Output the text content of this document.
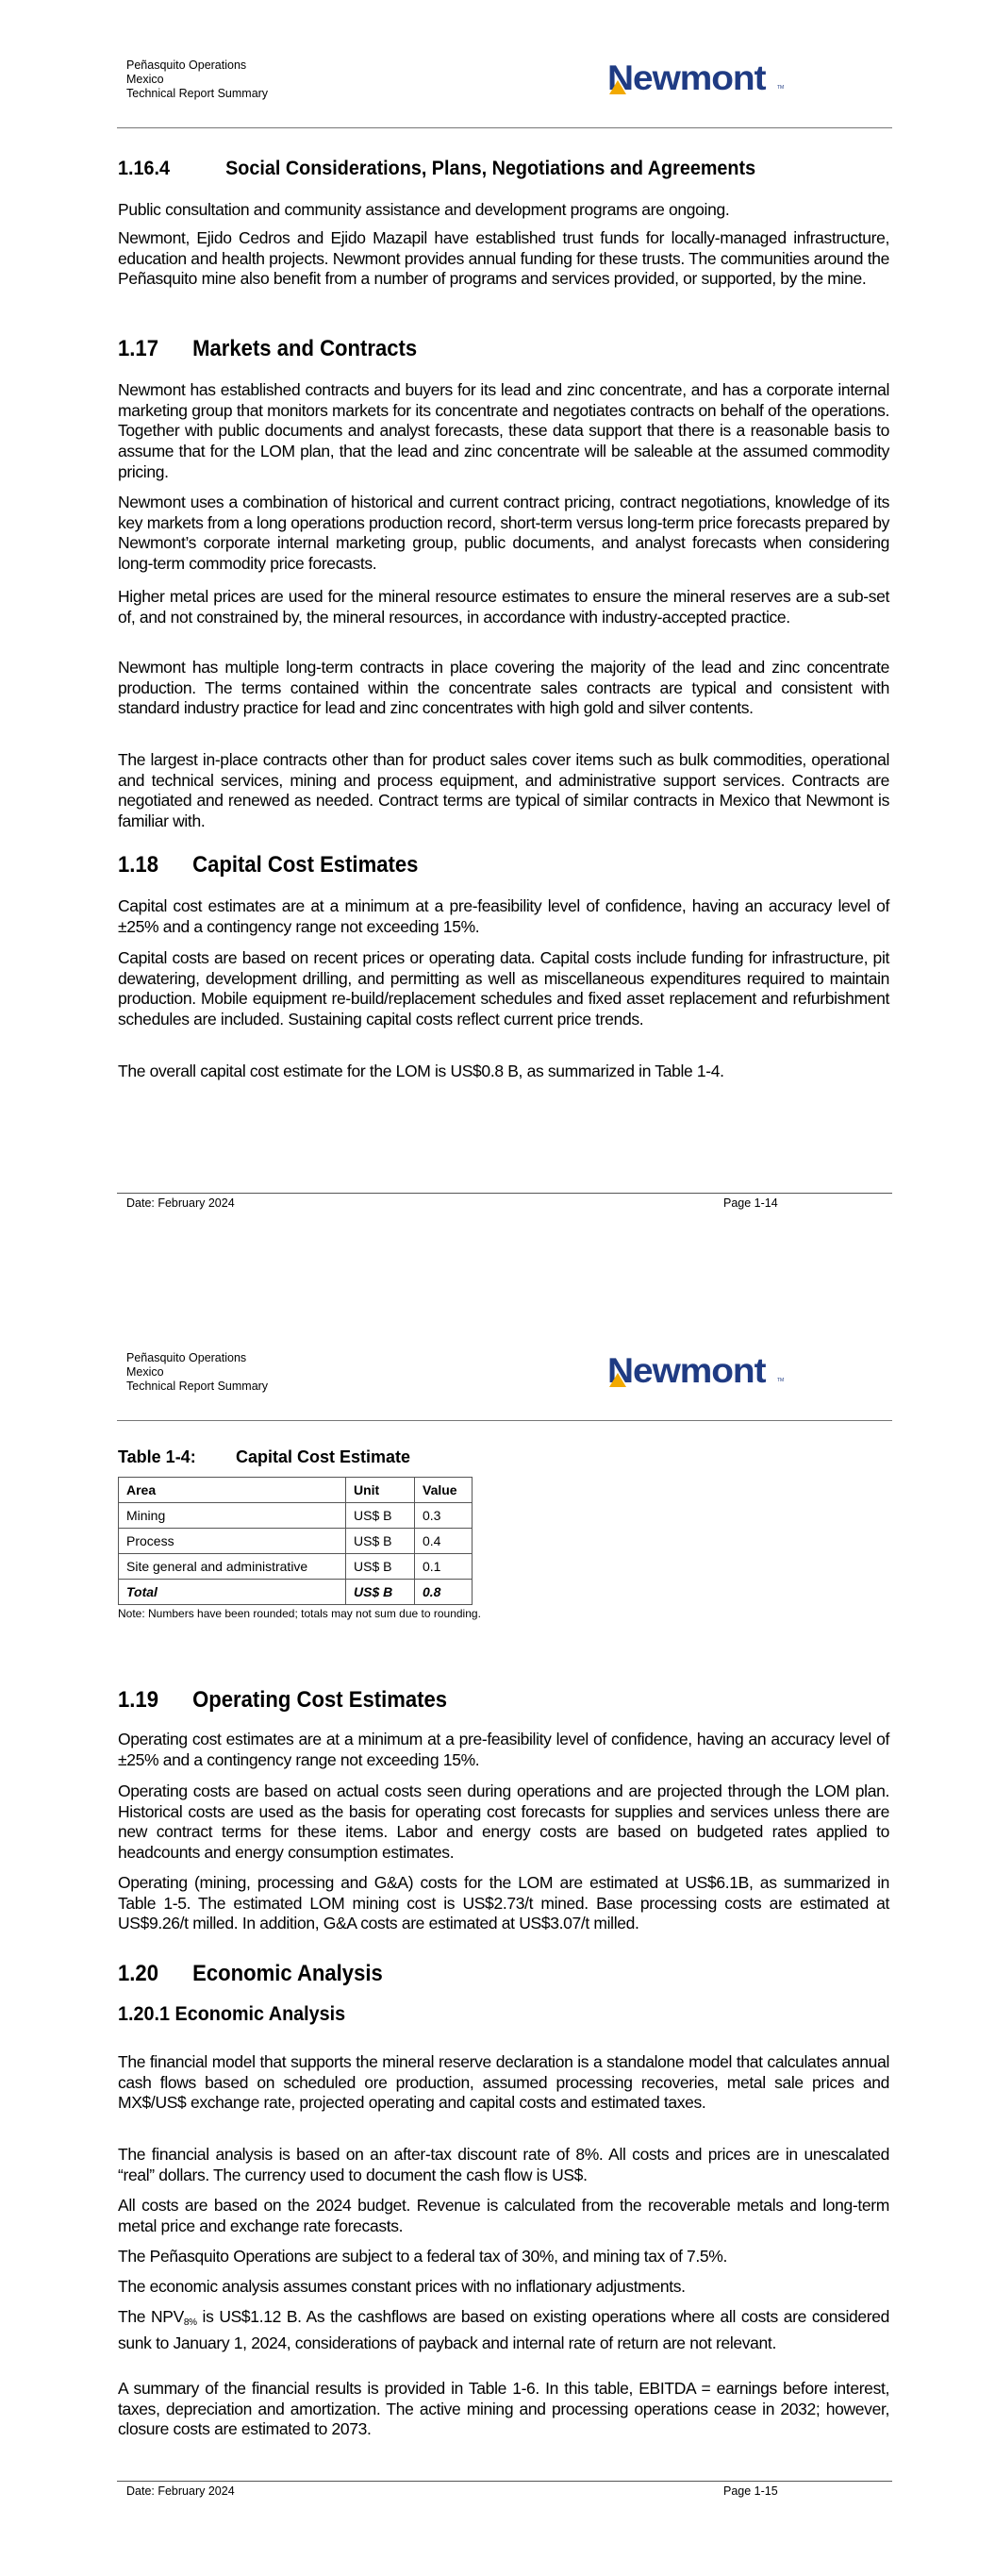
Peñasquito Operations
Mexico
Technical Report Summary	Newmont	TM
1.16.4	Social Considerations, Plans, Negotiations and Agreements

Public consultation and community assistance and development programs are ongoing.

Newmont, Ejido Cedros and Ejido Mazapil have established trust funds for locally-managed infrastructure, education and health projects. Newmont provides annual funding for these trusts. The communities around the Peñasquito mine also benefit from a number of programs and services provided, or supported, by the mine.

1.17 Markets and Contracts

Newmont has established contracts and buyers for its lead and zinc concentrate, and has a corporate internal marketing group that monitors markets for its concentrate and negotiates contracts on behalf of the operations. Together with public documents and analyst forecasts, these data support that there is a reasonable basis to assume that for the LOM plan, that the lead and zinc concentrate will be saleable at the assumed commodity pricing.

Newmont uses a combination of historical and current contract pricing, contract negotiations, knowledge of its key markets from a long operations production record, short-term versus long-term price forecasts prepared by Newmont’s corporate internal marketing group, public documents, and analyst forecasts when considering long-term commodity price forecasts.

Higher metal prices are used for the mineral resource estimates to ensure the mineral reserves are a sub-set of, and not constrained by, the mineral resources, in accordance with industry-accepted practice.

Newmont has multiple long-term contracts in place covering the majority of the lead and zinc concentrate production. The terms contained within the concentrate sales contracts are typical and consistent with standard industry practice for lead and zinc concentrates with high gold and silver contents.

The largest in-place contracts other than for product sales cover items such as bulk commodities, operational and technical services, mining and process equipment, and administrative support services. Contracts are negotiated and renewed as needed. Contract terms are typical of similar contracts in Mexico that Newmont is familiar with.

1.18 Capital Cost Estimates

Capital cost estimates are at a minimum at a pre-feasibility level of confidence, having an accuracy level of ±25% and a contingency range not exceeding 15%.

Capital costs are based on recent prices or operating data. Capital costs include funding for infrastructure, pit dewatering, development drilling, and permitting as well as miscellaneous expenditures required to maintain production. Mobile equipment re-build/replacement schedules and fixed asset replacement and refurbishment schedules are included. Sustaining capital costs reflect current price trends.

The overall capital cost estimate for the LOM is US$0.8 B, as summarized in Table 1-4.

Date: February 2024	Page 1-14
Peñasquito Operations
Mexico
Technical Report Summary	Newmont	TM
Table 1-4: Capital Cost Estimate
Area	Unit	Value
Mining	US$ B	0.3
Process	US$ B	0.4
Site general and administrative	US$ B	0.1
Total	US$ B	0.8
Note: Numbers have been rounded; totals may not sum due to rounding.
1.19 Operating Cost Estimates

Operating cost estimates are at a minimum at a pre-feasibility level of confidence, having an accuracy level of ±25% and a contingency range not exceeding 15%.

Operating costs are based on actual costs seen during operations and are projected through the LOM plan. Historical costs are used as the basis for operating cost forecasts for supplies and services unless there are new contract terms for these items. Labor and energy costs are based on budgeted rates applied to headcounts and energy consumption estimates.

Operating (mining, processing and G&A) costs for the LOM are estimated at US$6.1B, as summarized in Table 1-5. The estimated LOM mining cost is US$2.73/t mined. Base processing costs are estimated at US$9.26/t milled. In addition, G&A costs are estimated at US$3.07/t milled.

1.20 Economic Analysis
1.20.1 Economic Analysis

The financial model that supports the mineral reserve declaration is a standalone model that calculates annual cash flows based on scheduled ore production, assumed processing recoveries, metal sale prices and MX$/US$ exchange rate, projected operating and capital costs and estimated taxes.

The financial analysis is based on an after-tax discount rate of 8%. All costs and prices are in unescalated “real” dollars. The currency used to document the cash flow is US$.

All costs are based on the 2024 budget. Revenue is calculated from the recoverable metals and long-term metal price and exchange rate forecasts.

The Peñasquito Operations are subject to a federal tax of 30%, and mining tax of 7.5%.

The economic analysis assumes constant prices with no inflationary adjustments.

The $NPV_{8\%}$ is US$1.12 B. As the cashflows are based on existing operations where all costs are considered sunk to January 1, 2024, considerations of payback and internal rate of return are not relevant.

A summary of the financial results is provided in Table 1-6. In this table, EBITDA = earnings before interest, taxes, depreciation and amortization. The active mining and processing operations cease in 2032; however, closure costs are estimated to 2073.

Date: February 2024	Page 1-15
